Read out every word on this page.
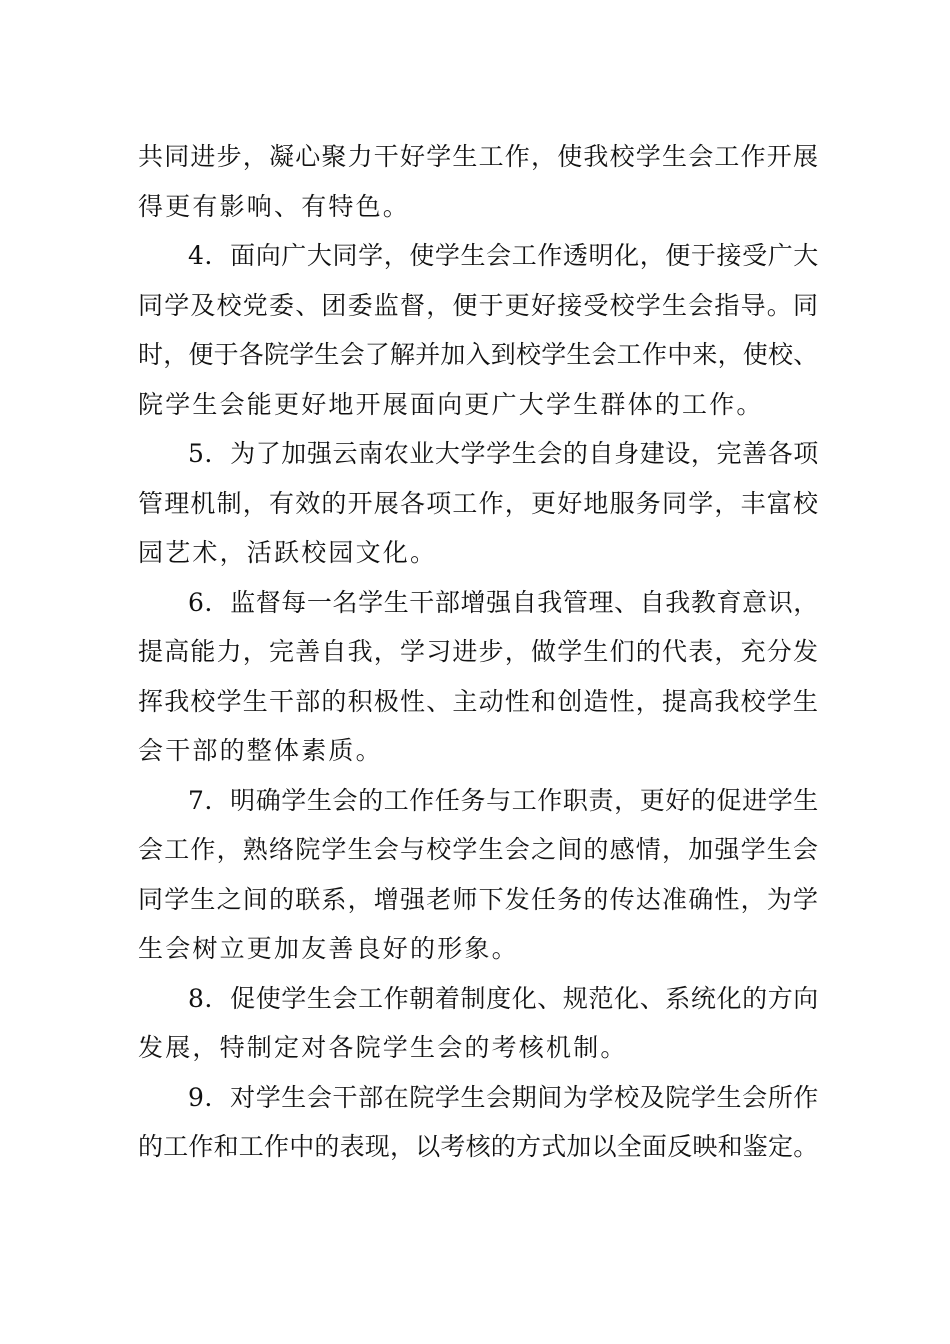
共同进步，凝心聚力干好学生工作，使我校学生会工作开展
得更有影响、有特色。
4．面向广大同学，使学生会工作透明化，便于接受广大
同学及校党委、团委监督，便于更好接受校学生会指导。同
时，便于各院学生会了解并加入到校学生会工作中来，使校、
院学生会能更好地开展面向更广大学生群体的工作。
5．为了加强云南农业大学学生会的自身建设，完善各项
管理机制，有效的开展各项工作，更好地服务同学，丰富校
园艺术，活跃校园文化。
6．监督每一名学生干部增强自我管理、自我教育意识，
提高能力，完善自我，学习进步，做学生们的代表，充分发
挥我校学生干部的积极性、主动性和创造性，提高我校学生
会干部的整体素质。
7．明确学生会的工作任务与工作职责，更好的促进学生
会工作，熟络院学生会与校学生会之间的感情，加强学生会
同学生之间的联系，增强老师下发任务的传达准确性，为学
生会树立更加友善良好的形象。
8．促使学生会工作朝着制度化、规范化、系统化的方向
发展，特制定对各院学生会的考核机制。
9．对学生会干部在院学生会期间为学校及院学生会所作
的工作和工作中的表现，以考核的方式加以全面反映和鉴定。
